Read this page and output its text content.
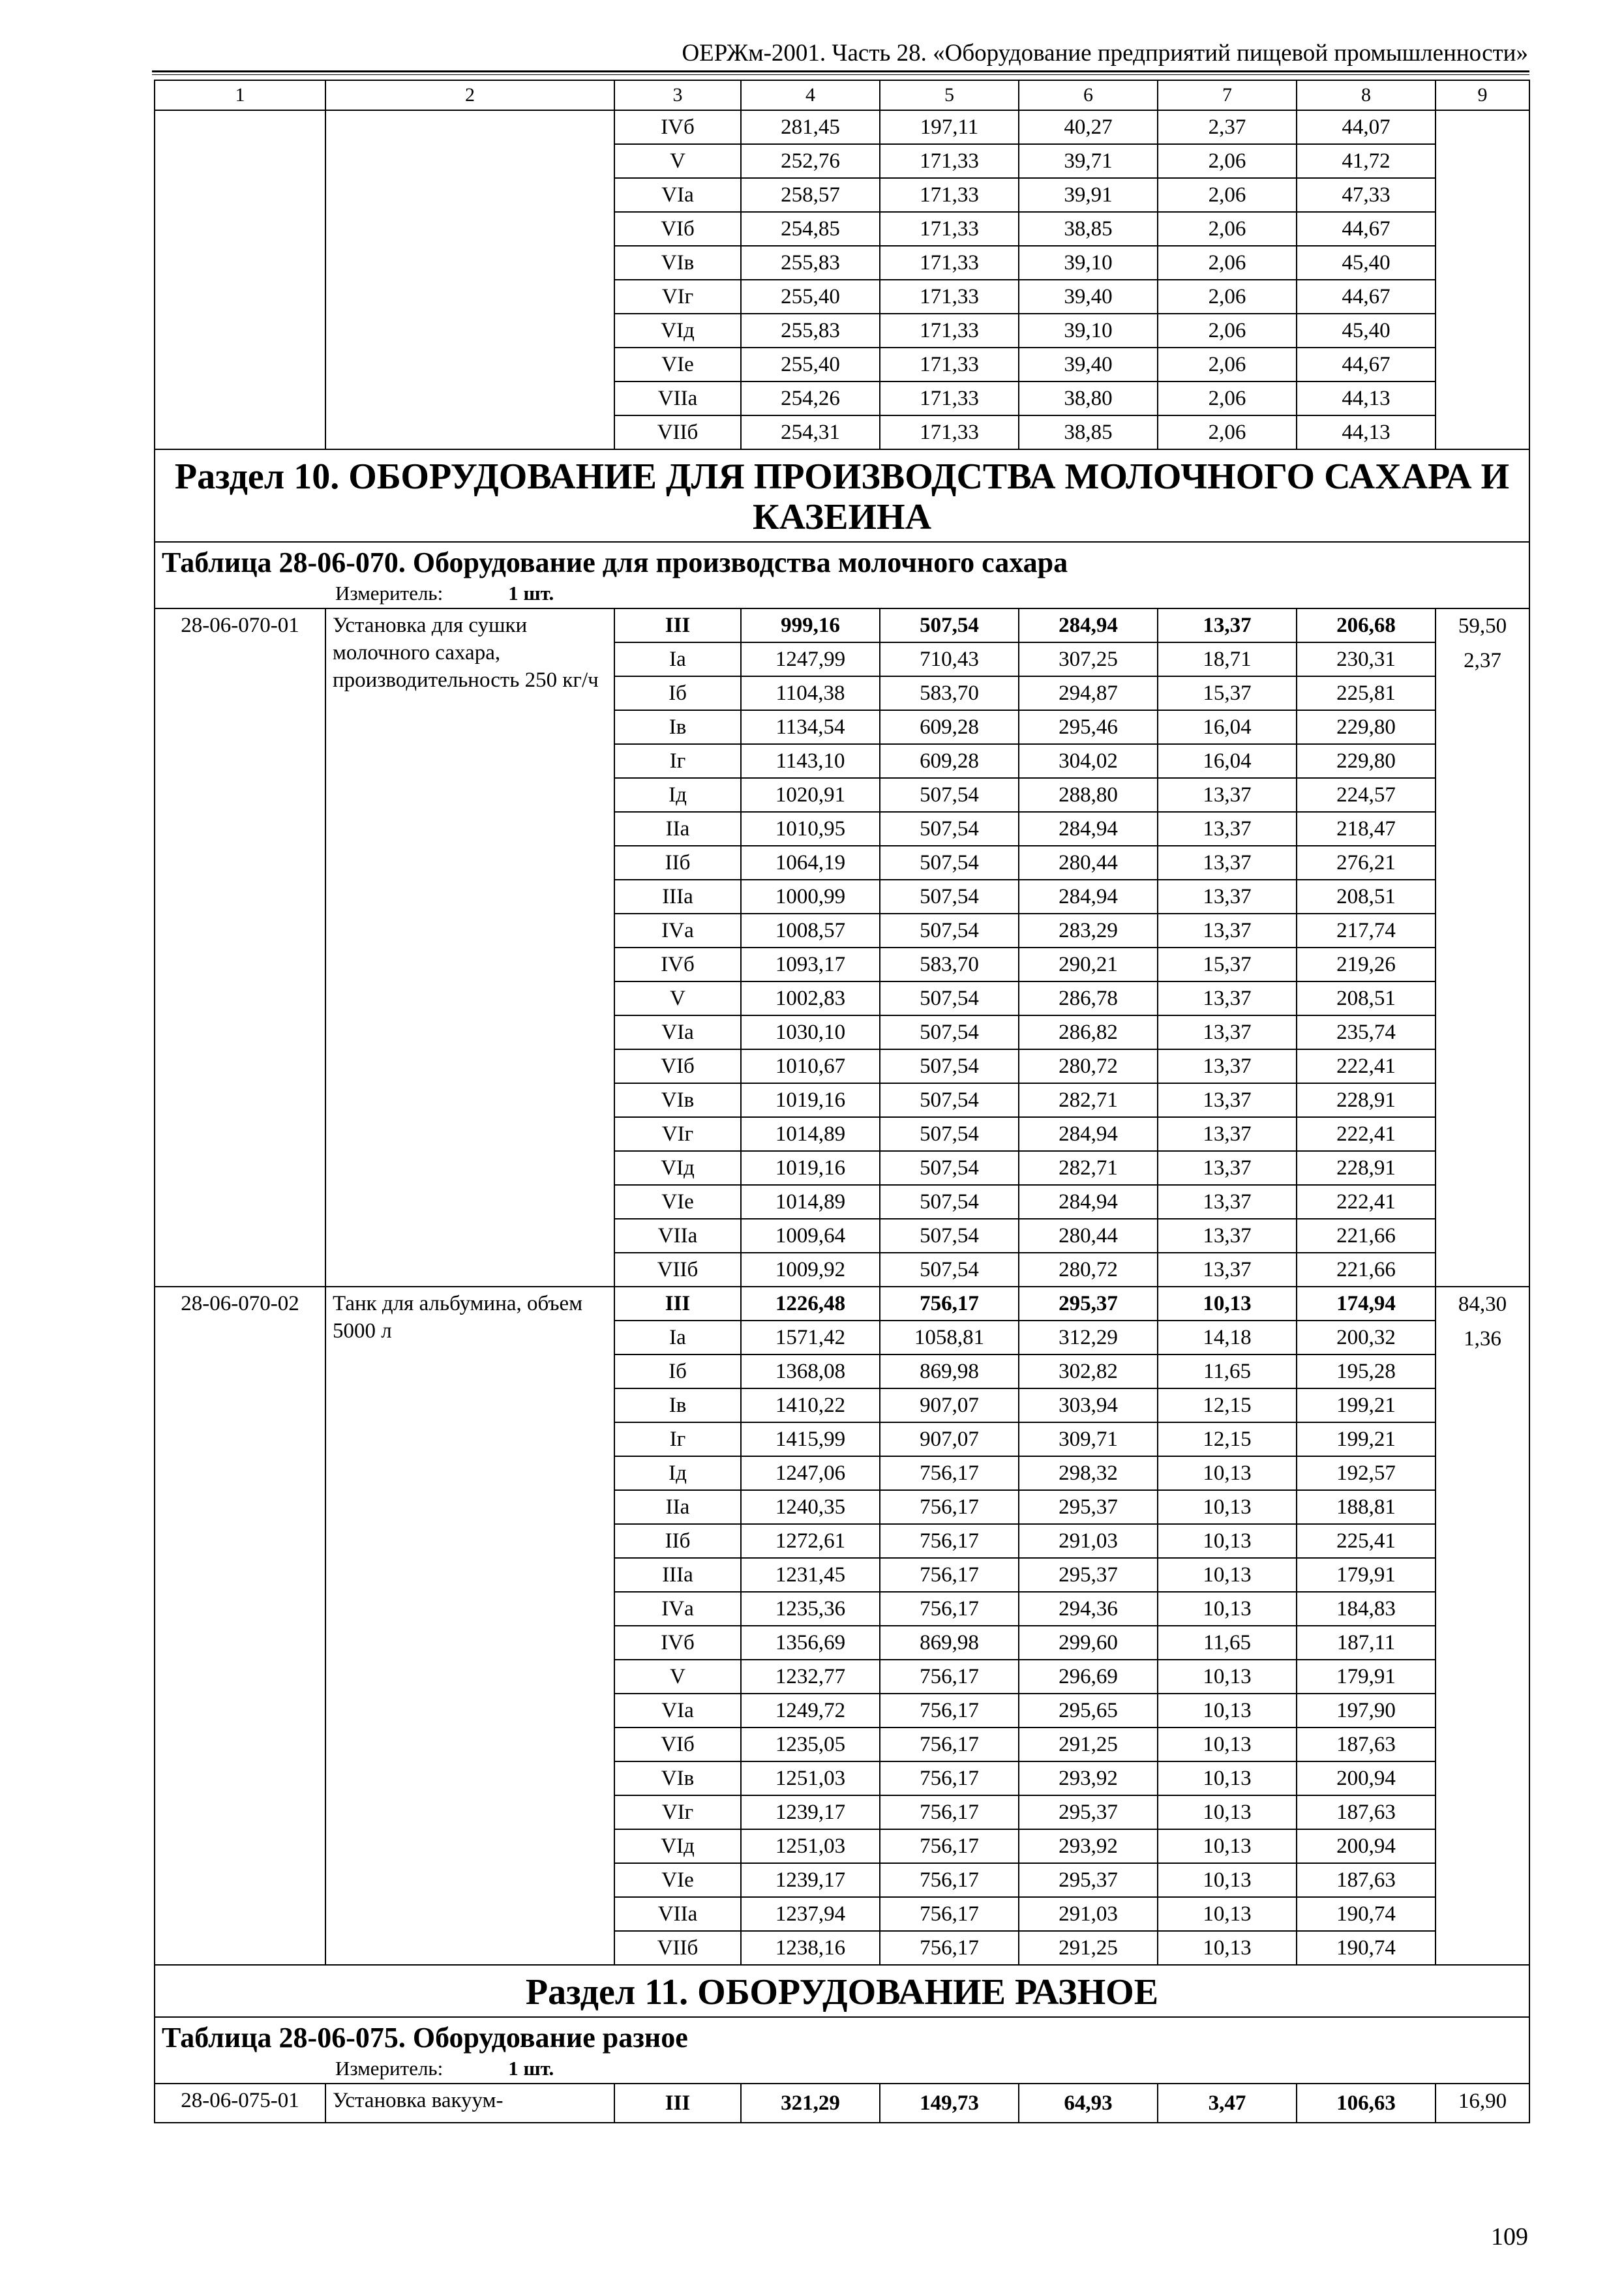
ОЕРЖм-2001. Часть 28. «Оборудование предприятий пищевой промышленности»
1	2	3	4	5	6	7	8	9
		IVб	281,45	197,11	40,27	2,37	44,07	
		V	252,76	171,33	39,71	2,06	41,72	
		VIа	258,57	171,33	39,91	2,06	47,33	
		VIб	254,85	171,33	38,85	2,06	44,67	
		VIв	255,83	171,33	39,10	2,06	45,40	
		VIг	255,40	171,33	39,40	2,06	44,67	
		VIд	255,83	171,33	39,10	2,06	45,40	
		VIе	255,40	171,33	39,40	2,06	44,67	
		VIIа	254,26	171,33	38,80	2,06	44,13	
		VIIб	254,31	171,33	38,85	2,06	44,13	
Раздел 10. ОБОРУДОВАНИЕ ДЛЯ ПРОИЗВОДСТВА МОЛОЧНОГО САХАРА И КАЗЕИНА								

Таблица 28-06-070. Оборудование для производства молочного сахара
Измеритель: 1 шт.								

28-06-070-01	Установка для сушки молочного сахара, производительность 250 кг/ч	III	999,16	507,54	284,94	13,37	206,68	59,50
2,37

		Iа	1247,99	710,43	307,25	18,71	230,31	
		Iб	1104,38	583,70	294,87	15,37	225,81	
		Iв	1134,54	609,28	295,46	16,04	229,80	
		Iг	1143,10	609,28	304,02	16,04	229,80	
		Iд	1020,91	507,54	288,80	13,37	224,57	
		IIа	1010,95	507,54	284,94	13,37	218,47	
		IIб	1064,19	507,54	280,44	13,37	276,21	
		IIIа	1000,99	507,54	284,94	13,37	208,51	
		IVа	1008,57	507,54	283,29	13,37	217,74	
		IVб	1093,17	583,70	290,21	15,37	219,26	
		V	1002,83	507,54	286,78	13,37	208,51	
		VIа	1030,10	507,54	286,82	13,37	235,74	
		VIб	1010,67	507,54	280,72	13,37	222,41	
		VIв	1019,16	507,54	282,71	13,37	228,91	
		VIг	1014,89	507,54	284,94	13,37	222,41	
		VIд	1019,16	507,54	282,71	13,37	228,91	
		VIе	1014,89	507,54	284,94	13,37	222,41	
		VIIа	1009,64	507,54	280,44	13,37	221,66	
		VIIб	1009,92	507,54	280,72	13,37	221,66	
28-06-070-02	Танк для альбумина, объем 5000 л	III	1226,48	756,17	295,37	10,13	174,94	84,30
1,36

		Iа	1571,42	1058,81	312,29	14,18	200,32	
		Iб	1368,08	869,98	302,82	11,65	195,28	
		Iв	1410,22	907,07	303,94	12,15	199,21	
		Iг	1415,99	907,07	309,71	12,15	199,21	
		Iд	1247,06	756,17	298,32	10,13	192,57	
		IIа	1240,35	756,17	295,37	10,13	188,81	
		IIб	1272,61	756,17	291,03	10,13	225,41	
		IIIа	1231,45	756,17	295,37	10,13	179,91	
		IVа	1235,36	756,17	294,36	10,13	184,83	
		IVб	1356,69	869,98	299,60	11,65	187,11	
		V	1232,77	756,17	296,69	10,13	179,91	
		VIа	1249,72	756,17	295,65	10,13	197,90	
		VIб	1235,05	756,17	291,25	10,13	187,63	
		VIв	1251,03	756,17	293,92	10,13	200,94	
		VIг	1239,17	756,17	295,37	10,13	187,63	
		VIд	1251,03	756,17	293,92	10,13	200,94	
		VIе	1239,17	756,17	295,37	10,13	187,63	
		VIIа	1237,94	756,17	291,03	10,13	190,74	
		VIIб	1238,16	756,17	291,25	10,13	190,74	
Раздел 11. ОБОРУДОВАНИЕ РАЗНОЕ								

Таблица 28-06-075. Оборудование разное
Измеритель: 1 шт.								

28-06-075-01	Установка вакуум-	III	321,29	149,73	64,93	3,47	106,63	16,90
109
